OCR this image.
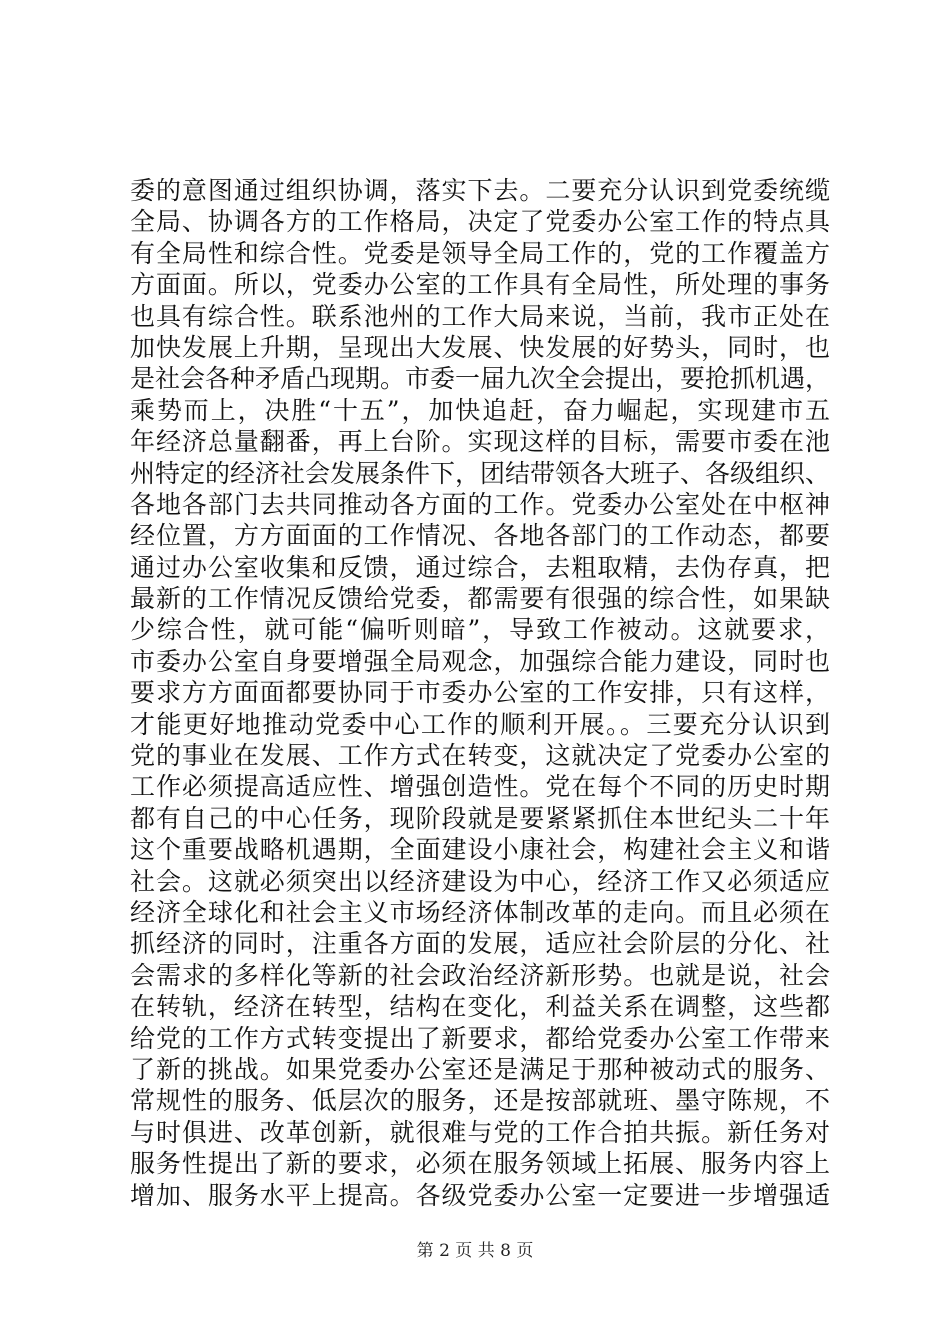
委的意图通过组织协调，落实下去。二要充分认识到党委统缆
全局、协调各方的工作格局，决定了党委办公室工作的特点具
有全局性和综合性。党委是领导全局工作的，党的工作覆盖方
方面面。所以，党委办公室的工作具有全局性，所处理的事务
也具有综合性。联系池州的工作大局来说，当前，我市正处在
加快发展上升期，呈现出大发展、快发展的好势头，同时，也
是社会各种矛盾凸现期。市委一届九次全会提出，要抢抓机遇，
乘势而上，决胜“十五”，加快追赶，奋力崛起，实现建市五
年经济总量翻番，再上台阶。实现这样的目标，需要市委在池
州特定的经济社会发展条件下，团结带领各大班子、各级组织、
各地各部门去共同推动各方面的工作。党委办公室处在中枢神
经位置，方方面面的工作情况、各地各部门的工作动态，都要
通过办公室收集和反馈，通过综合，去粗取精，去伪存真，把
最新的工作情况反馈给党委，都需要有很强的综合性，如果缺
少综合性，就可能“偏听则暗”，导致工作被动。这就要求，
市委办公室自身要增强全局观念，加强综合能力建设，同时也
要求方方面面都要协同于市委办公室的工作安排，只有这样，
才能更好地推动党委中心工作的顺利开展。。三要充分认识到
党的事业在发展、工作方式在转变，这就决定了党委办公室的
工作必须提高适应性、增强创造性。党在每个不同的历史时期
都有自己的中心任务，现阶段就是要紧紧抓住本世纪头二十年
这个重要战略机遇期，全面建设小康社会，构建社会主义和谐
社会。这就必须突出以经济建设为中心，经济工作又必须适应
经济全球化和社会主义市场经济体制改革的走向。而且必须在
抓经济的同时，注重各方面的发展，适应社会阶层的分化、社
会需求的多样化等新的社会政治经济新形势。也就是说，社会
在转轨，经济在转型，结构在变化，利益关系在调整，这些都
给党的工作方式转变提出了新要求，都给党委办公室工作带来
了新的挑战。如果党委办公室还是满足于那种被动式的服务、
常规性的服务、低层次的服务，还是按部就班、墨守陈规，不
与时俱进、改革创新，就很难与党的工作合拍共振。新任务对
服务性提出了新的要求，必须在服务领域上拓展、服务内容上
增加、服务水平上提高。各级党委办公室一定要进一步增强适
第 2 页 共 8 页
